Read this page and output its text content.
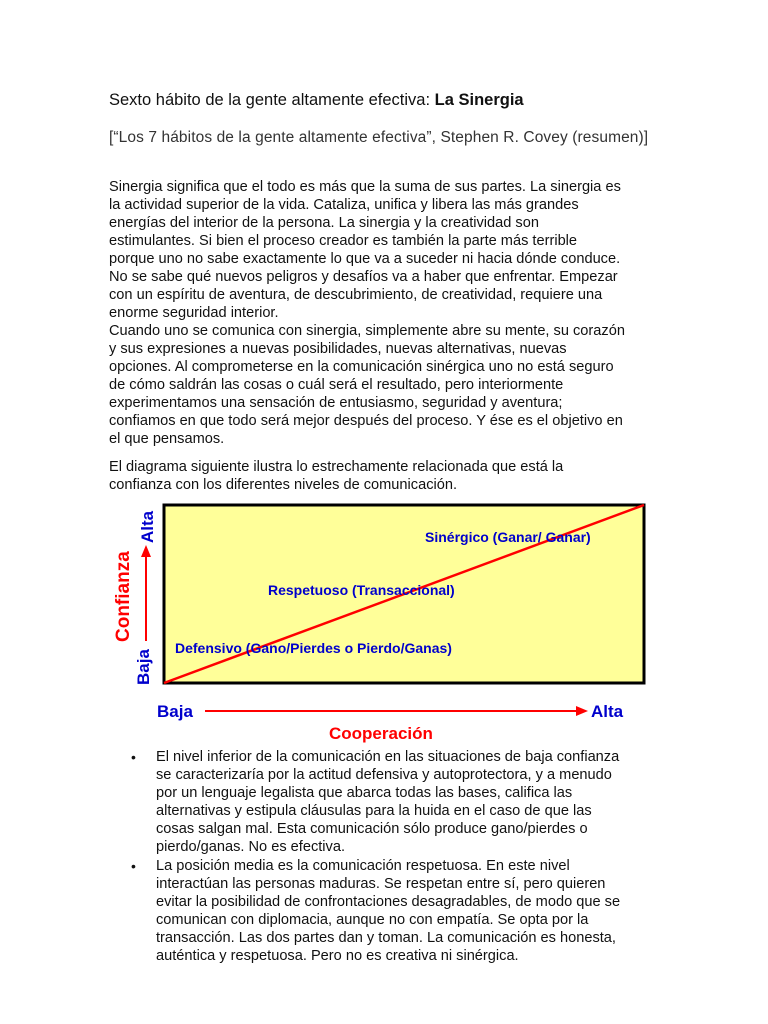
Sexto hábito de la gente altamente efectiva: La Sinergia
[“Los 7 hábitos de la gente altamente efectiva”, Stephen R. Covey (resumen)]
Sinergia significa que el todo es más que la suma de sus partes. La sinergia es
la actividad superior de la vida. Cataliza, unifica y libera las más grandes
energías del interior de la persona. La sinergia y la creatividad son
estimulantes. Si bien el proceso creador es también la parte más terrible
porque uno no sabe exactamente lo que va a suceder ni hacia dónde conduce.
No se sabe qué nuevos peligros y desafíos va a haber que enfrentar. Empezar
con un espíritu de aventura, de descubrimiento, de creatividad, requiere una
enorme seguridad interior.
Cuando uno se comunica con sinergia, simplemente abre su mente, su corazón
y sus expresiones a nuevas posibilidades, nuevas alternativas, nuevas
opciones. Al comprometerse en la comunicación sinérgica uno no está seguro
de cómo saldrán las cosas o cuál será el resultado, pero interiormente
experimentamos una sensación de entusiasmo, seguridad y aventura;
confiamos en que todo será mejor después del proceso. Y ése es el objetivo en
el que pensamos.
El diagrama siguiente ilustra lo estrechamente relacionada que está la
confianza con los diferentes niveles de comunicación.
Baja
Confianza
Alta
Baja	Alta
Cooperación
Sinérgico (Ganar/ Ganar)
Respetuoso (Transaccional)
Defensivo (Gano/Pierdes o Pierdo/Ganas)
• El nivel inferior de la comunicación en las situaciones de baja confianza
se caracterizaría por la actitud defensiva y autoprotectora, y a menudo
por un lenguaje legalista que abarca todas las bases, califica las
alternativas y estipula cláusulas para la huida en el caso de que las
cosas salgan mal. Esta comunicación sólo produce gano/pierdes o
pierdo/ganas. No es efectiva.
• La posición media es la comunicación respetuosa. En este nivel
interactúan las personas maduras. Se respetan entre sí, pero quieren
evitar la posibilidad de confrontaciones desagradables, de modo que se
comunican con diplomacia, aunque no con empatía. Se opta por la
transacción. Las dos partes dan y toman. La comunicación es honesta,
auténtica y respetuosa. Pero no es creativa ni sinérgica.
